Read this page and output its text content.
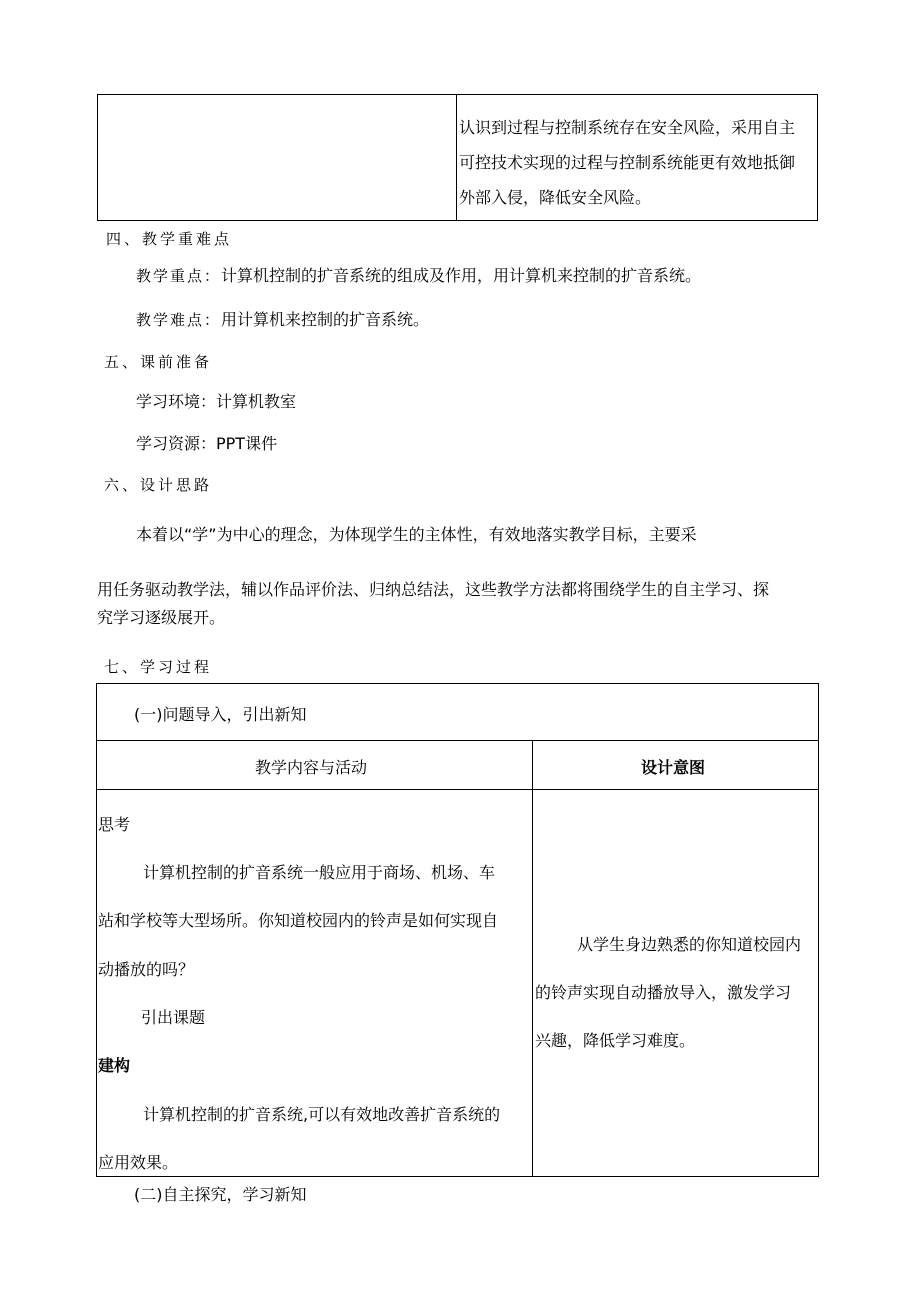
认识到过程与控制系统存在安全风险，采用自主
可控技术实现的过程与控制系统能更有效地抵御
外部入侵，降低安全风险。
四、教学重难点
教学重点：计算机控制的扩音系统的组成及作用，用计算机来控制的扩音系统。
教学难点：用计算机来控制的扩音系统。
五、课前准备
学习环境：计算机教室
学习资源：PPT课件
六、设计思路
本着以“学”为中心的理念，为体现学生的主体性，有效地落实教学目标，主要采
用任务驱动教学法，辅以作品评价法、归纳总结法，这些教学方法都将围绕学生的自主学习、探
究学习逐级展开。
七、学习过程
(一)问题导入，引出新知
教学内容与活动	设计意图
思考
计算机控制的扩音系统一般应用于商场、机场、车
站和学校等大型场所。你知道校园内的铃声是如何实现自
动播放的吗？
引出课题
建构
计算机控制的扩音系统,可以有效地改善扩音系统的
应用效果。
从学生身边熟悉的你知道校园内
的铃声实现自动播放导入，激发学习
兴趣，降低学习难度。
(二)自主探究，学习新知
